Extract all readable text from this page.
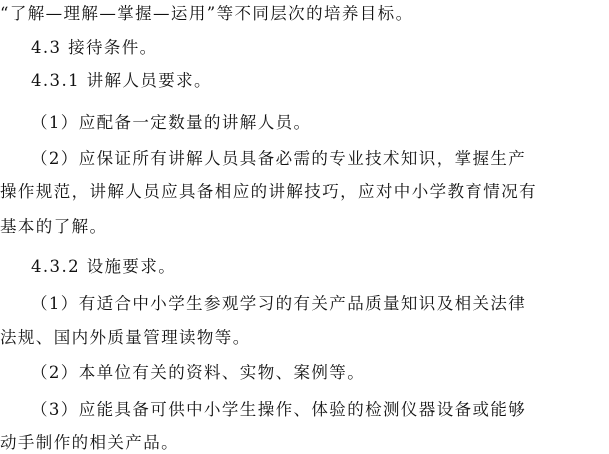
“了解—理解—掌握—运用”等不同层次的培养目标。
4.3 接待条件。
4.3.1 讲解人员要求。
（1）应配备一定数量的讲解人员。
（2）应保证所有讲解人员具备必需的专业技术知识，掌握生产
操作规范，讲解人员应具备相应的讲解技巧，应对中小学教育情况有
基本的了解。
4.3.2 设施要求。
（1）有适合中小学生参观学习的有关产品质量知识及相关法律
法规、国内外质量管理读物等。
（2）本单位有关的资料、实物、案例等。
（3）应能具备可供中小学生操作、体验的检测仪器设备或能够
动手制作的相关产品。
